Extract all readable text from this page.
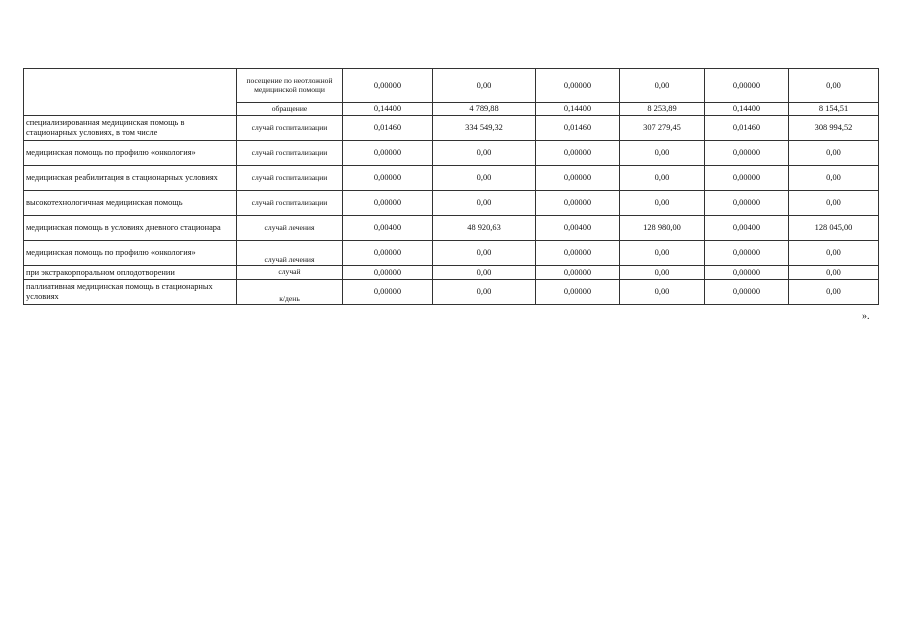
	посещение по неотложной медицинской помощи	0,00000	0,00	0,00000	0,00	0,00000	0,00
	обращение	0,14400	4 789,88	0,14400	8 253,89	0,14400	8 154,51
специализированная медицинская помощь в стационарных условиях, в том числе	случай госпитализации	0,01460	334 549,32	0,01460	307 279,45	0,01460	308 994,52
медицинская помощь по профилю «онкология»	случай госпитализации	0,00000	0,00	0,00000	0,00	0,00000	0,00
медицинская реабилитация в стационарных условиях	случай госпитализации	0,00000	0,00	0,00000	0,00	0,00000	0,00
высокотехнологичная медицинская помощь	случай госпитализации	0,00000	0,00	0,00000	0,00	0,00000	0,00
медицинская помощь в условиях дневного стационара	случай лечения	0,00400	48 920,63	0,00400	128 980,00	0,00400	128 045,00
медицинская помощь по профилю «онкология»	случай лечения	0,00000	0,00	0,00000	0,00	0,00000	0,00
при экстракорпоральном оплодотворении	случай	0,00000	0,00	0,00000	0,00	0,00000	0,00
паллиативная медицинская помощь в стационарных условиях	к/день	0,00000	0,00	0,00000	0,00	0,00000	0,00
».
